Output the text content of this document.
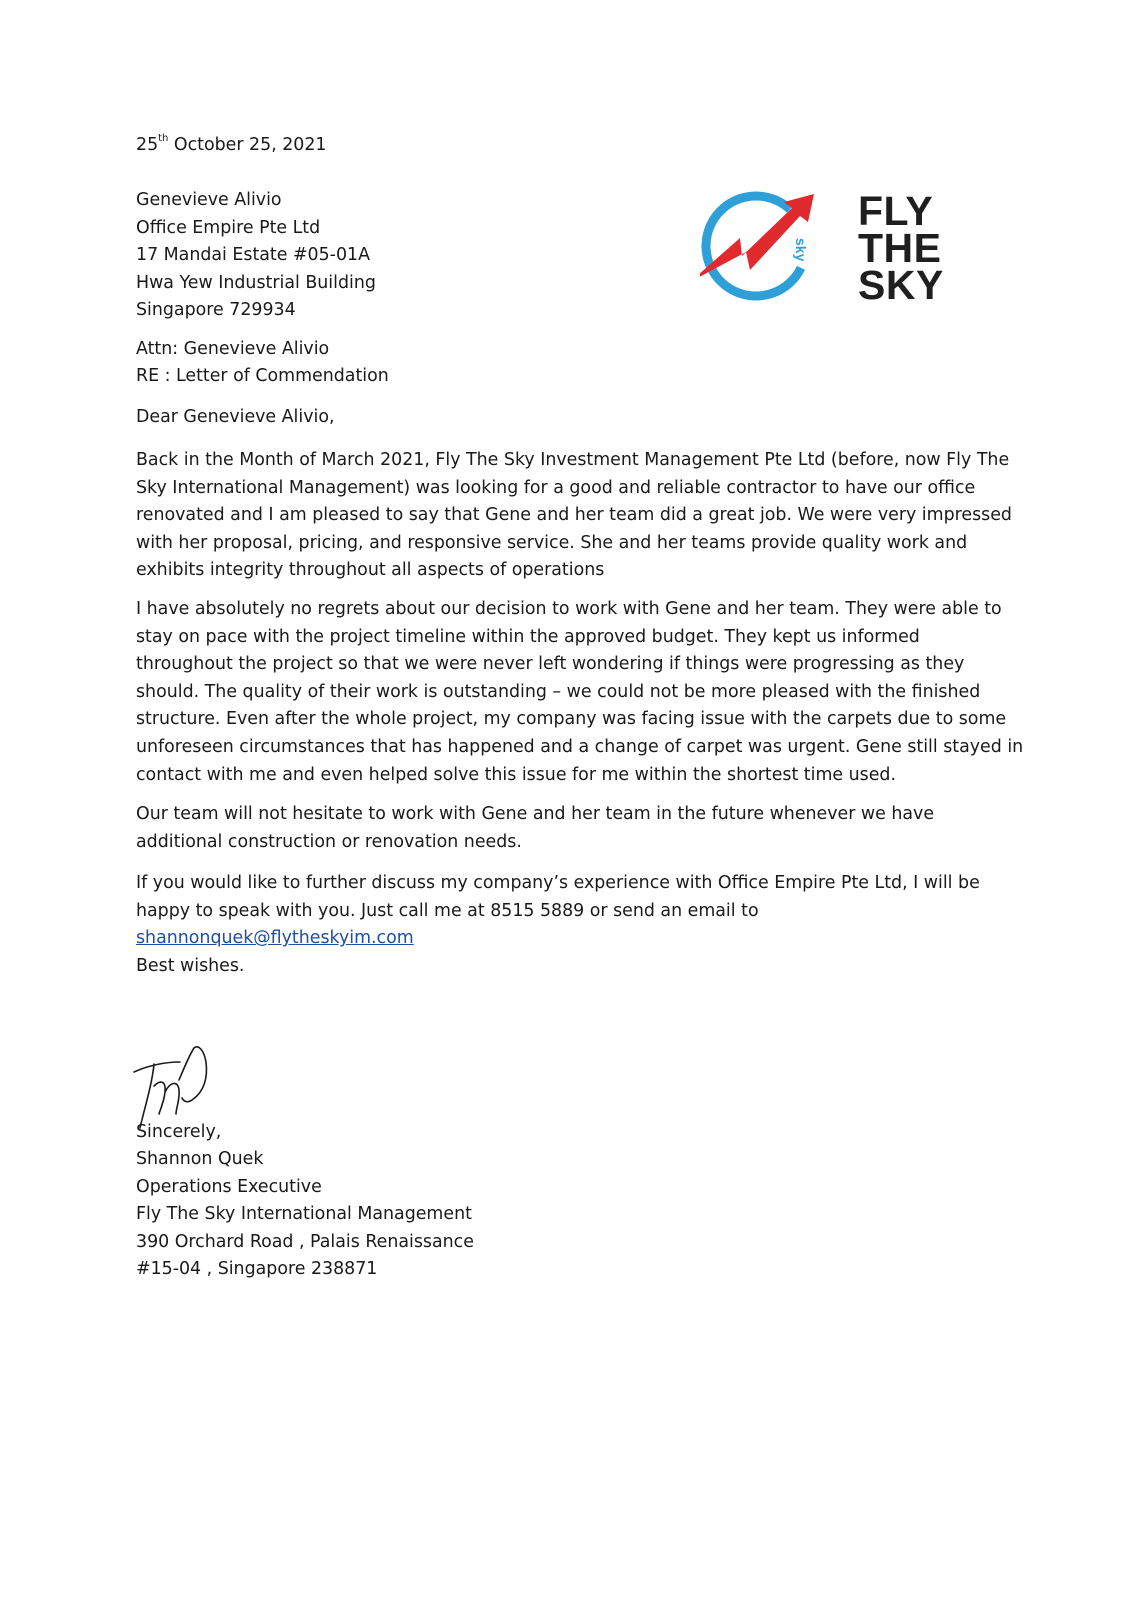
25th October 25, 2021

Genevieve Alivio
Office Empire Pte Ltd
17 Mandai Estate #05-01A
Hwa Yew Industrial Building
Singapore 729934
sky
FLY
THE
SKY

Attn: Genevieve Alivio

RE : Letter of Commendation

Dear Genevieve Alivio,

Back in the Month of March 2021, Fly The Sky Investment Management Pte Ltd (before, now Fly The
Sky International Management) was looking for a good and reliable contractor to have our office
renovated and I am pleased to say that Gene and her team did a great job. We were very impressed
with her proposal, pricing, and responsive service. She and her teams provide quality work and
exhibits integrity throughout all aspects of operations
I have absolutely no regrets about our decision to work with Gene and her team. They were able to
stay on pace with the project timeline within the approved budget. They kept us informed
throughout the project so that we were never left wondering if things were progressing as they
should. The quality of their work is outstanding – we could not be more pleased with the finished
structure. Even after the whole project, my company was facing issue with the carpets due to some
unforeseen circumstances that has happened and a change of carpet was urgent. Gene still stayed in
contact with me and even helped solve this issue for me within the shortest time used.
Our team will not hesitate to work with Gene and her team in the future whenever we have
additional construction or renovation needs.
If you would like to further discuss my company’s experience with Office Empire Pte Ltd, I will be
happy to speak with you. Just call me at 8515 5889 or send an email to
shannonquek@flytheskyim.com
Best wishes.

Sincerely,

Shannon Quek
Operations Executive
Fly The Sky International Management
390 Orchard Road , Palais Renaissance
#15-04 , Singapore 238871
